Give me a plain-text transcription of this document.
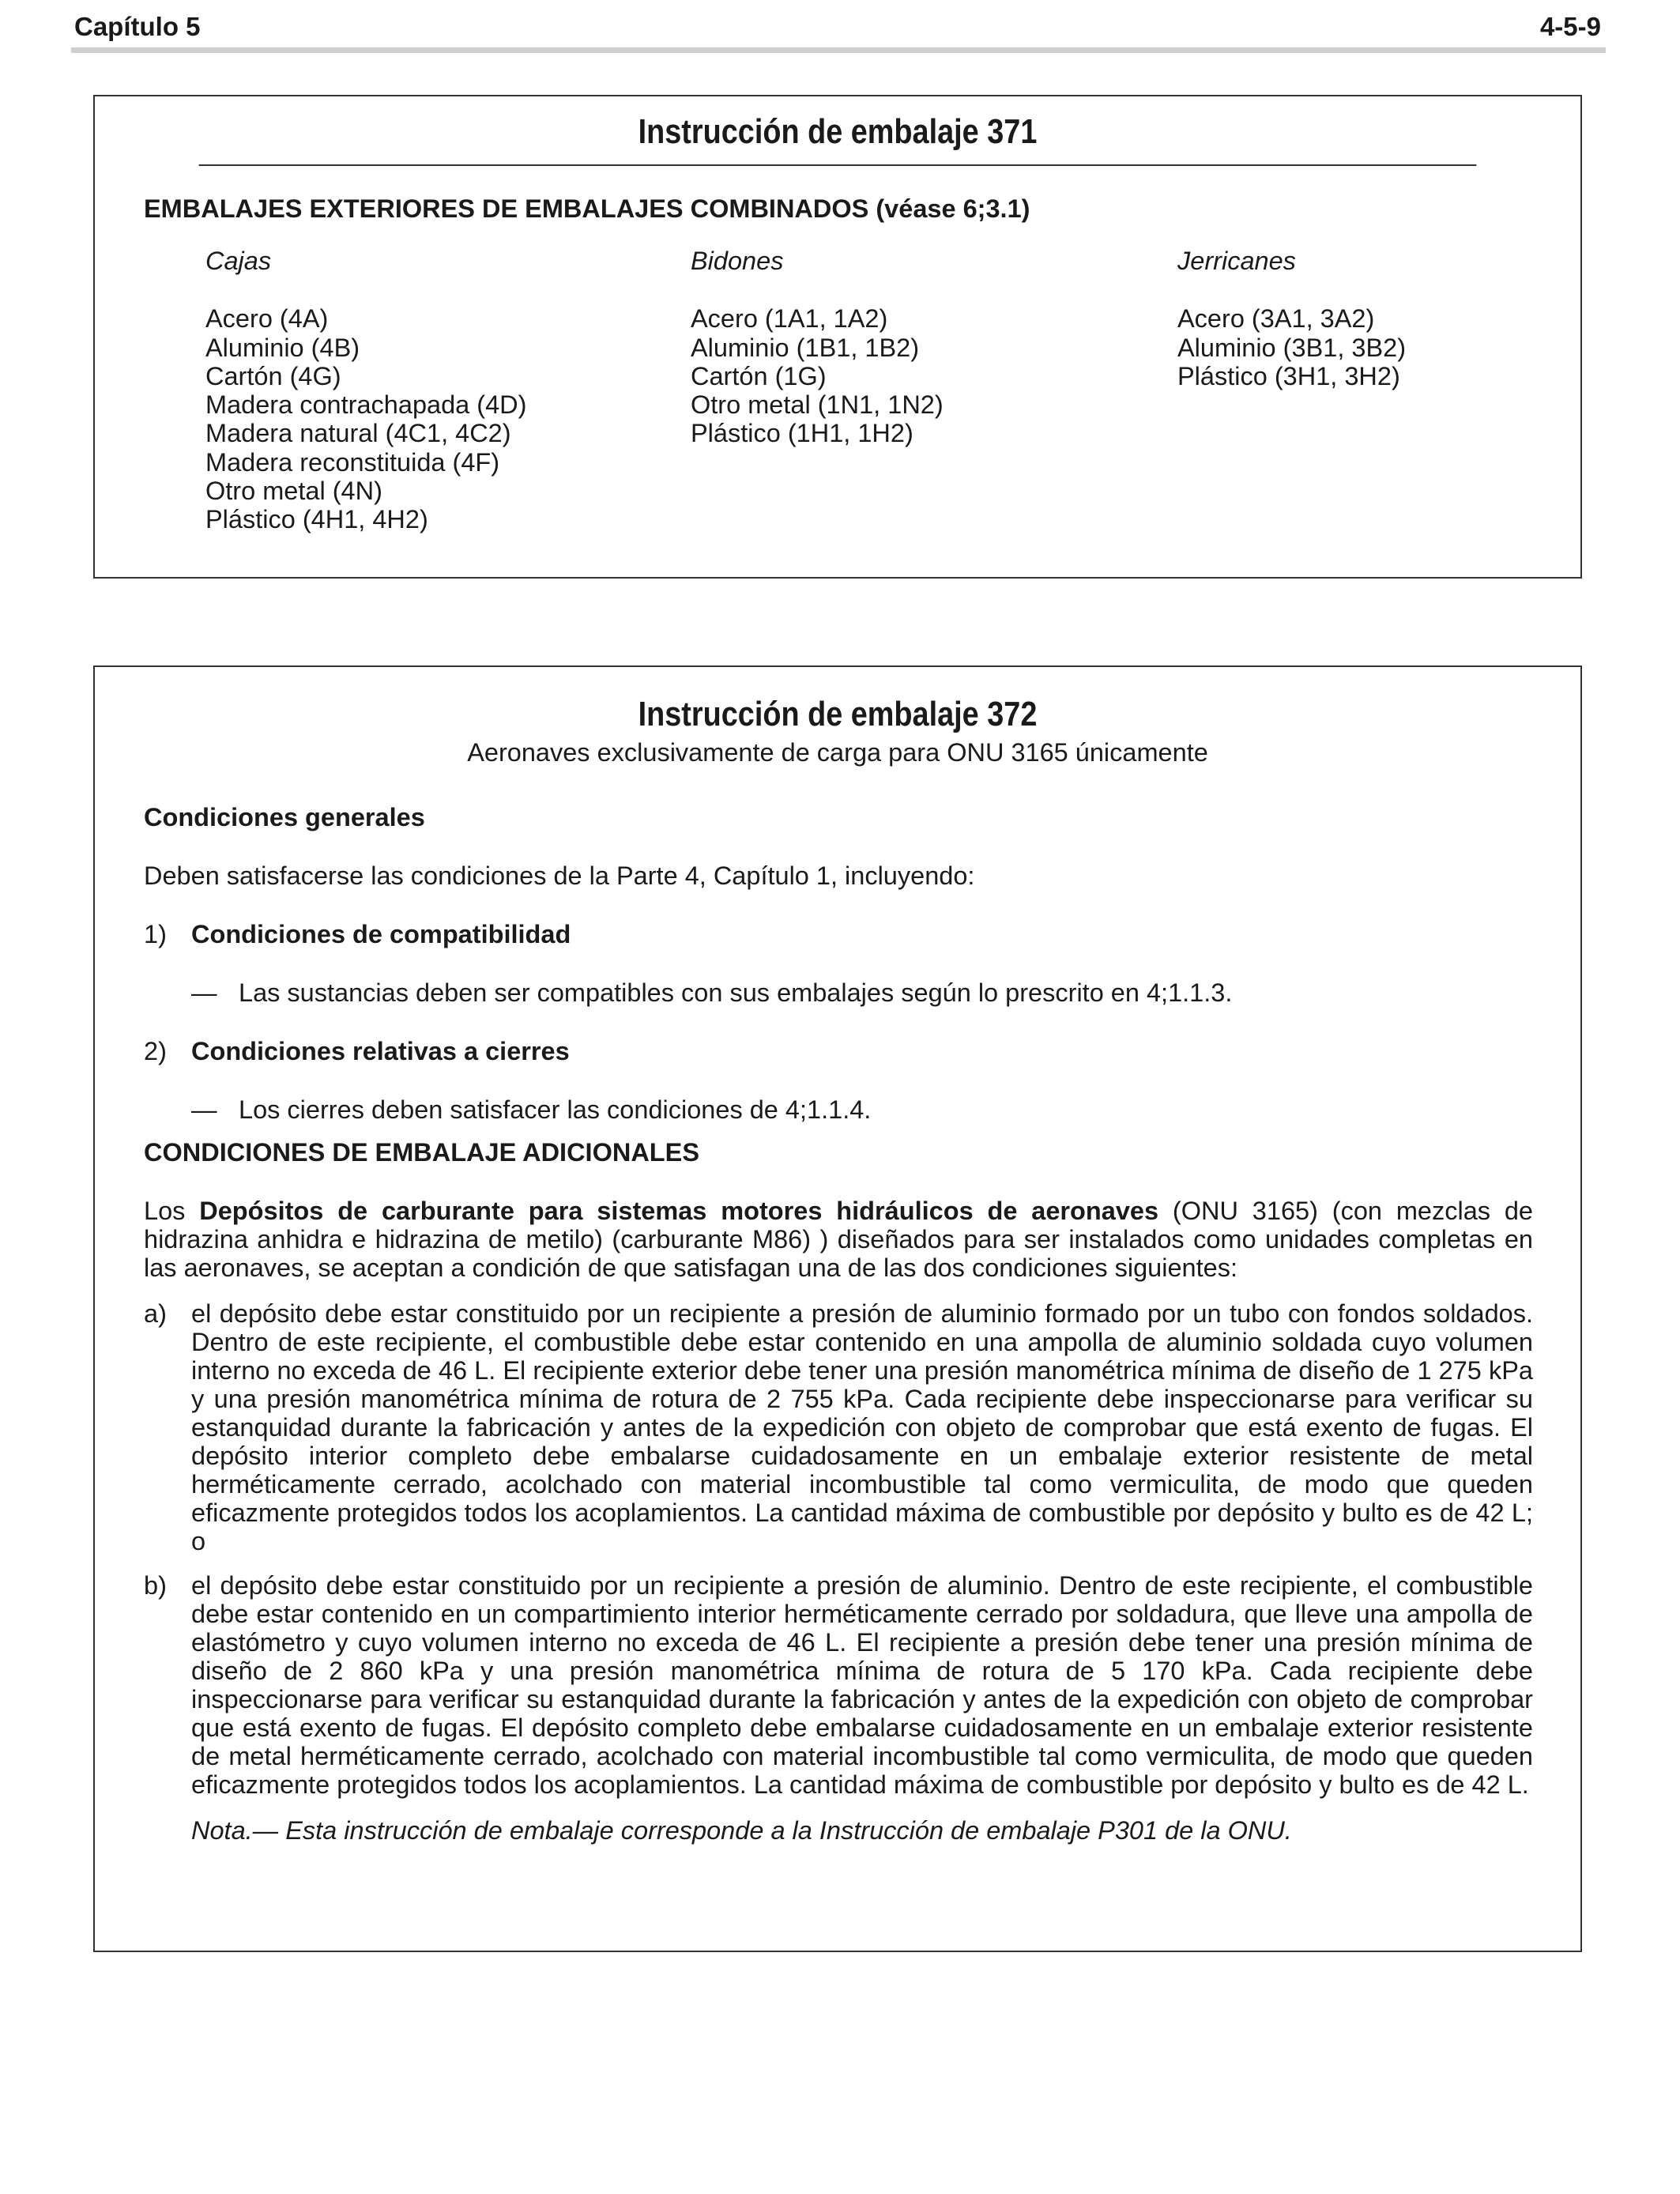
Capítulo 5	4-5-9
Instrucción de embalaje 371
EMBALAJES EXTERIORES DE EMBALAJES COMBINADOS (véase 6;3.1)
Cajas
Acero (4A)
Aluminio (4B)
Cartón (4G)
Madera contrachapada (4D)
Madera natural (4C1, 4C2)
Madera reconstituida (4F)
Otro metal (4N)
Plástico (4H1, 4H2)
Bidones
Acero (1A1, 1A2)
Aluminio (1B1, 1B2)
Cartón (1G)
Otro metal (1N1, 1N2)
Plástico (1H1, 1H2)
Jerricanes
Acero (3A1, 3A2)
Aluminio (3B1, 3B2)
Plástico (3H1, 3H2)
Instrucción de embalaje 372
Aeronaves exclusivamente de carga para ONU 3165 únicamente
Condiciones generales
Deben satisfacerse las condiciones de la Parte 4, Capítulo 1, incluyendo:
1) Condiciones de compatibilidad
— Las sustancias deben ser compatibles con sus embalajes según lo prescrito en 4;1.1.3.
2) Condiciones relativas a cierres
— Los cierres deben satisfacer las condiciones de 4;1.1.4.
CONDICIONES DE EMBALAJE ADICIONALES
Los Depósitos de carburante para sistemas motores hidráulicos de aeronaves (ONU 3165) (con mezclas de hidrazina anhidra e hidrazina de metilo) (carburante M86) ) diseñados para ser instalados como unidades completas en las aeronaves, se aceptan a condición de que satisfagan una de las dos condiciones siguientes:
a) el depósito debe estar constituido por un recipiente a presión de aluminio formado por un tubo con fondos soldados. Dentro de este recipiente, el combustible debe estar contenido en una ampolla de aluminio soldada cuyo volumen interno no exceda de 46 L. El recipiente exterior debe tener una presión manométrica mínima de diseño de 1 275 kPa y una presión manométrica mínima de rotura de 2 755 kPa. Cada recipiente debe inspeccionarse para verificar su estanquidad durante la fabricación y antes de la expedición con objeto de comprobar que está exento de fugas. El depósito interior completo debe embalarse cuidadosamente en un embalaje exterior resistente de metal herméticamente cerrado, acolchado con material incombustible tal como vermiculita, de modo que queden eficazmente protegidos todos los acoplamientos. La cantidad máxima de combustible por depósito y bulto es de 42 L; o
b) el depósito debe estar constituido por un recipiente a presión de aluminio. Dentro de este recipiente, el combustible debe estar contenido en un compartimiento interior herméticamente cerrado por soldadura, que lleve una ampolla de elastómetro y cuyo volumen interno no exceda de 46 L. El recipiente a presión debe tener una presión mínima de diseño de 2 860 kPa y una presión manométrica mínima de rotura de 5 170 kPa. Cada recipiente debe inspeccionarse para verificar su estanquidad durante la fabricación y antes de la expedición con objeto de comprobar que está exento de fugas. El depósito completo debe embalarse cuidadosamente en un embalaje exterior resistente de metal herméticamente cerrado, acolchado con material incombustible tal como vermiculita, de modo que queden eficazmente protegidos todos los acoplamientos. La cantidad máxima de combustible por depósito y bulto es de 42 L.
Nota.— Esta instrucción de embalaje corresponde a la Instrucción de embalaje P301 de la ONU.
